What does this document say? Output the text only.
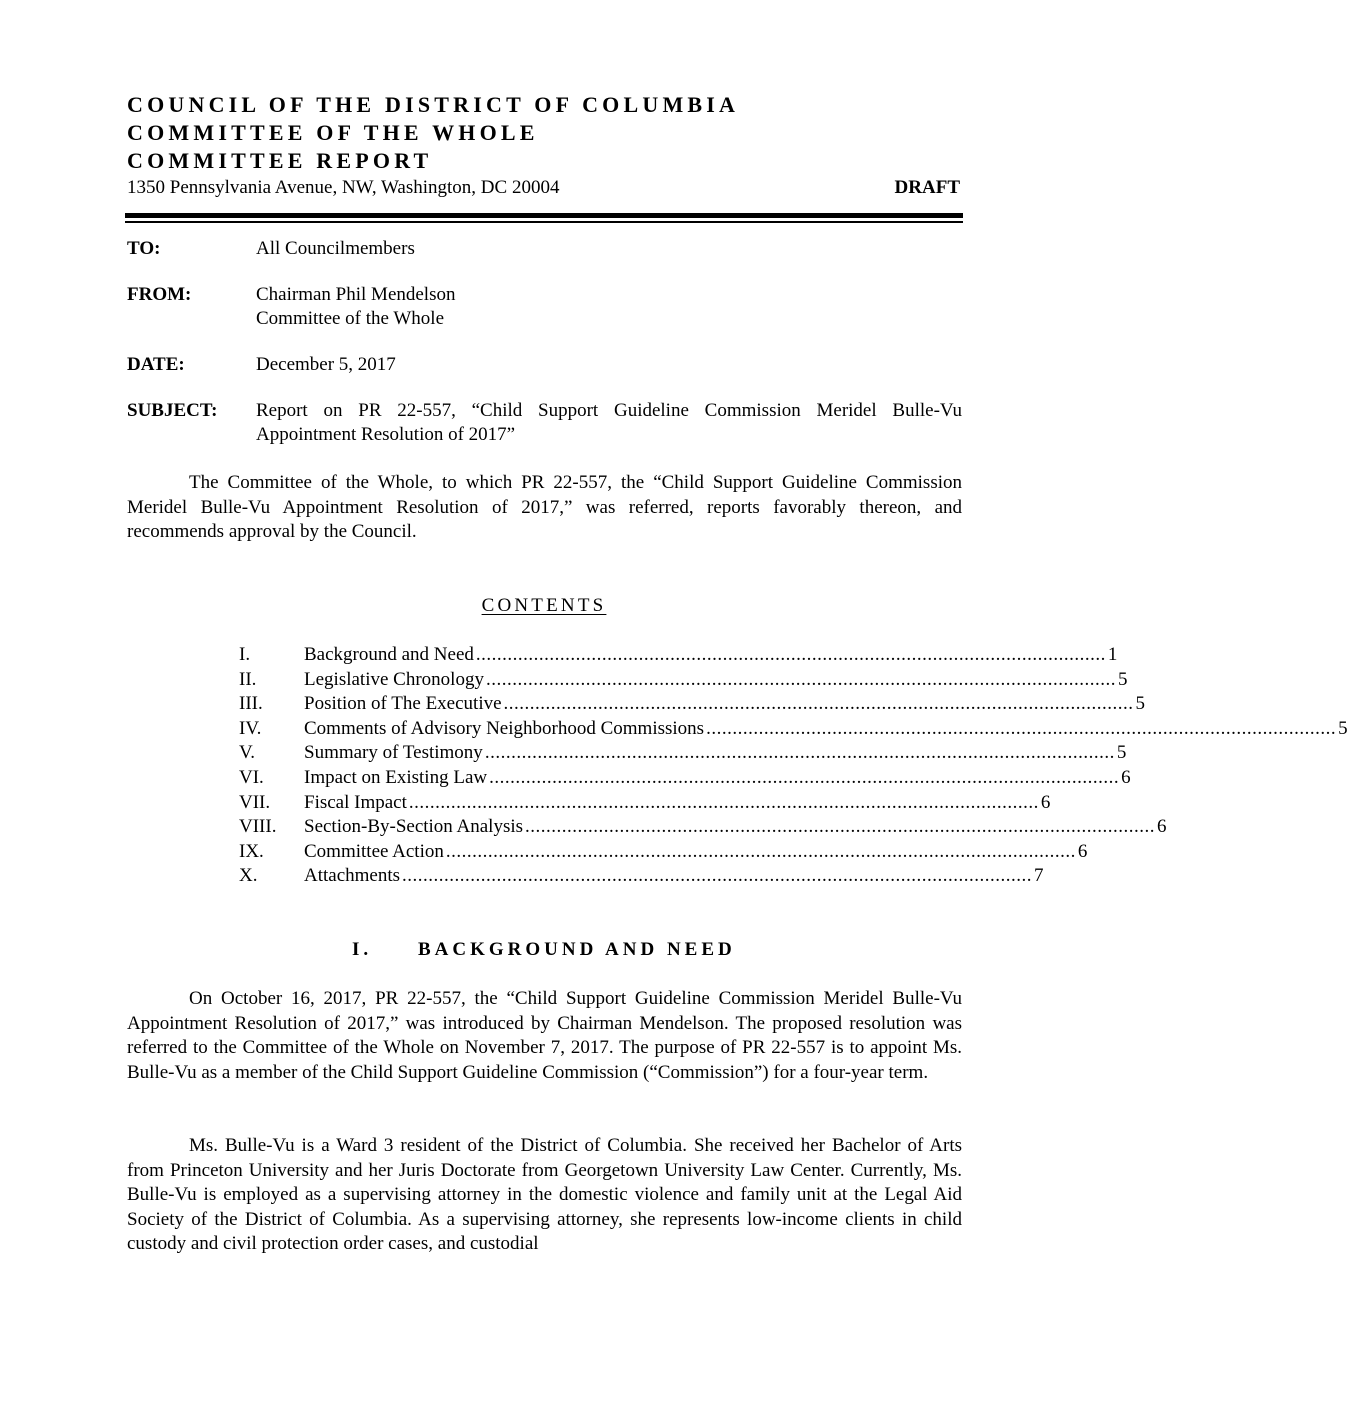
COUNCIL OF THE DISTRICT OF COLUMBIA
COMMITTEE OF THE WHOLE
COMMITTEE REPORT
1350 Pennsylvania Avenue, NW, Washington, DC 20004	DRAFT
TO:	All Councilmembers
FROM:	Chairman Phil Mendelson
Committee of the Whole
DATE:	December 5, 2017
SUBJECT: Report on PR 22-557, “Child Support Guideline Commission Meridel Bulle-Vu
Appointment Resolution of 2017”
The Committee of the Whole, to which PR 22-557, the “Child Support Guideline Commission Meridel Bulle-Vu Appointment Resolution of 2017,” was referred, reports favorably thereon, and recommends approval by the Council.
CONTENTS
I.	Background and Need ........................................................................................................................ 1
II.	Legislative Chronology ........................................................................................................................ 5
III.	Position of The Executive ........................................................................................................................ 5
IV.	Comments of Advisory Neighborhood Commissions ........................................................................................................................ 5
V.	Summary of Testimony ........................................................................................................................ 5
VI.	Impact on Existing Law ........................................................................................................................ 6
VII.	Fiscal Impact ........................................................................................................................ 6
VIII.	Section-By-Section Analysis ........................................................................................................................ 6
IX.	Committee Action ........................................................................................................................ 6
X.	Attachments ........................................................................................................................ 7
I. BACKGROUND AND NEED
On October 16, 2017, PR 22-557, the “Child Support Guideline Commission Meridel Bulle-Vu Appointment Resolution of 2017,” was introduced by Chairman Mendelson. The proposed resolution was referred to the Committee of the Whole on November 7, 2017. The purpose of PR 22-557 is to appoint Ms. Bulle-Vu as a member of the Child Support Guideline Commission (“Commission”) for a four-year term.
Ms. Bulle-Vu is a Ward 3 resident of the District of Columbia. She received her Bachelor of Arts from Princeton University and her Juris Doctorate from Georgetown University Law Center. Currently, Ms. Bulle-Vu is employed as a supervising attorney in the domestic violence and family unit at the Legal Aid Society of the District of Columbia. As a supervising attorney, she represents low-income clients in child custody and civil protection order cases, and custodial
